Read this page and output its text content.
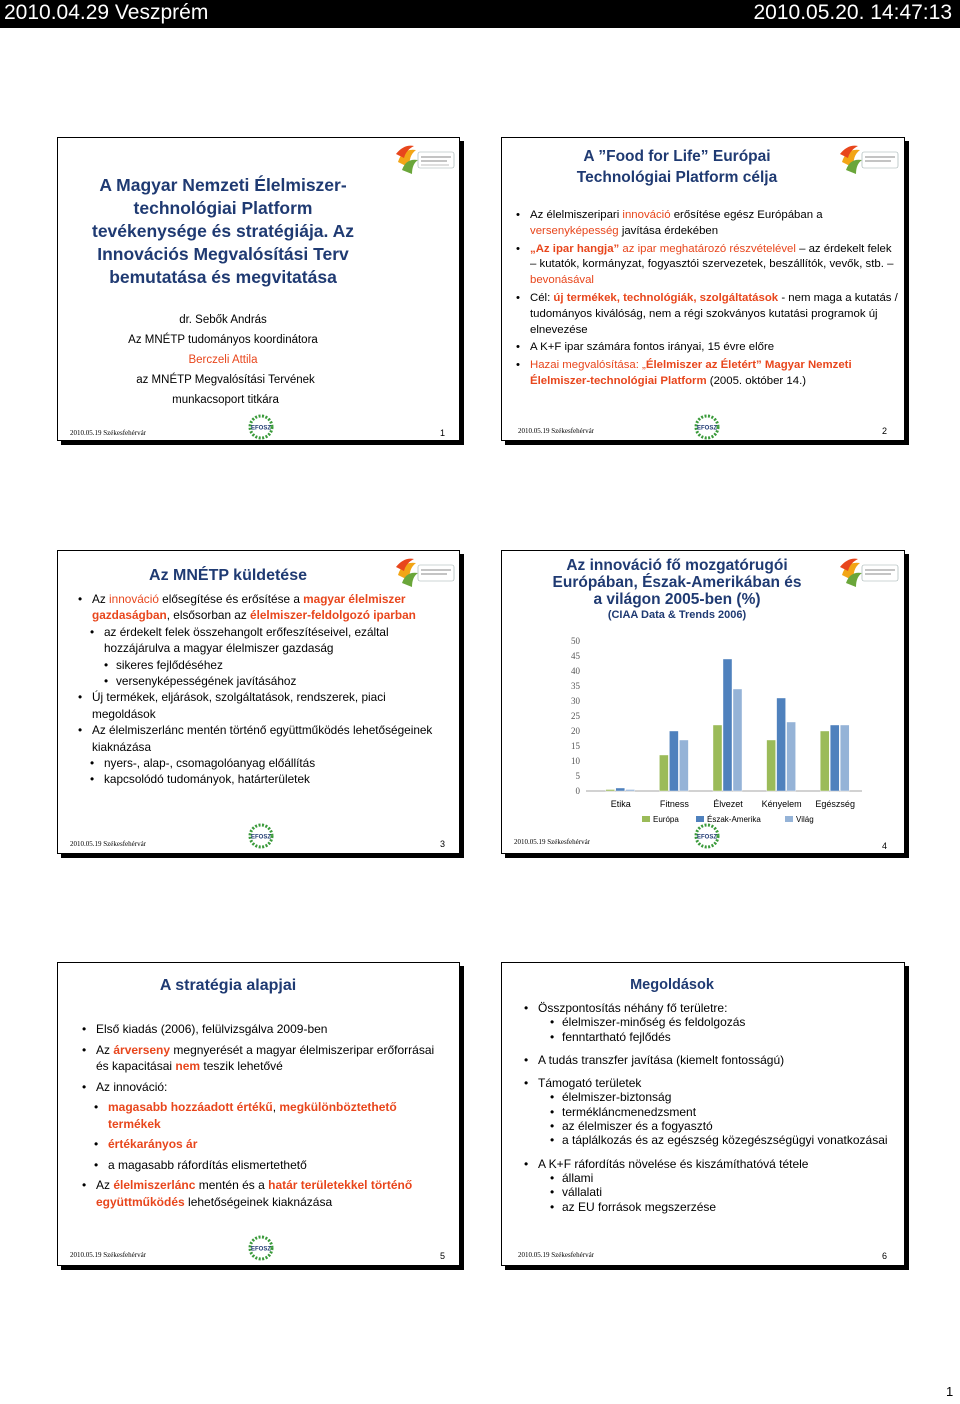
2010.04.29 Veszprém	2010.05.20. 14:47:13
A Magyar Nemzeti Élelmiszer-
technológiai Platform
tevékenysége és stratégiája. Az
Innovációs Megvalósítási Terv
bemutatása és megvitatása
dr. Sebők András
Az MNÉTP tudományos koordinátora
Berczeli Attila
az MNÉTP Megvalósítási Tervének munkacsoport titkára
2010.05.19 Székesfehérvár
EFOSZ	1
A ”Food for Life” Európai
Technológiai Platform célja
• Az élelmiszeripari innováció erősítése egész Európában a versenyképesség javítása érdekében
• „Az ipar hangja” az ipar meghatározó részvételével – az érdekelt felek – kutatók, kormányzat, fogyasztói szervezetek, beszállítók, vevők, stb. – bevonásával
• Cél: új termékek, technológiák, szolgáltatások - nem maga a kutatás / tudományos kiválóság, nem a régi szokványos kutatási programok új elnevezése
• A K+F ipar számára fontos irányai, 15 évre előre
• Hazai megvalósítása: „Élelmiszer az Életért” Magyar Nemzeti Élelmiszer-technológiai Platform (2005. október 14.)
2010.05.19 Székesfehérvár	EFOSZ	2
Az MNÉTP küldetése
• Az innováció elősegítése és erősítése a magyar élelmiszer gazdaságban, elsősorban az élelmiszer-feldolgozó iparban
• az érdekelt felek összehangolt erőfeszítéseivel, ezáltal hozzájárulva a magyar élelmiszer gazdaság
• sikeres fejlődéséhez
• versenyképességének javításához
• Új termékek, eljárások, szolgáltatások, rendszerek, piaci megoldások
• Az élelmiszerlánc mentén történő együttműködés lehetőségeinek kiaknázása
• nyers-, alap-, csomagolóanyag előállítás
• kapcsolódó tudományok, határterületek
2010.05.19 Székesfehérvár
EFOSZ
3
Az innováció fő mozgatórugói
Európában, Észak-Amerikában és
a világon 2005-ben (%)
(CIAA Data & Trends 2006)
0
5
10
15
20
25
30
35
40
45
50
Etika	Fitness	Élvezet Kényelem Egészség
Európa	Észak-Amerika	Világ
2010.05.19 Székesfehérvár
EFOSZ
4
A stratégia alapjai
• Első kiadás (2006), felülvizsgálva 2009-ben
• Az árverseny megnyerését a magyar élelmiszeripar erőforrásai és kapacitásai nem teszik lehetővé
• Az innováció:
• magasabb hozzáadott értékű, megkülönböztethető termékek
• értékarányos ár
• a magasabb ráfordítás elismertethető
• Az élelmiszerlánc mentén és a határ területekkel történő együttműködés lehetőségeinek kiaknázása
2010.05.19 Székesfehérvár
EFOSZ
5
Megoldások
• Összpontosítás néhány fő területre:
• élelmiszer-minőség és feldolgozás
• fenntartható fejlődés
• A tudás transzfer javítása (kiemelt fontosságú)
• Támogató területek
• élelmiszer-biztonság
• termékláncmenedzsment
• az élelmiszer és a fogyasztó
• a táplálkozás és az egészség közegészségügyi vonatkozásai
• A K+F ráfordítás növelése és kiszámíthatóvá tétele
• állami
• vállalati
• az EU források megszerzése
2010.05.19 Székesfehérvár	6
1
